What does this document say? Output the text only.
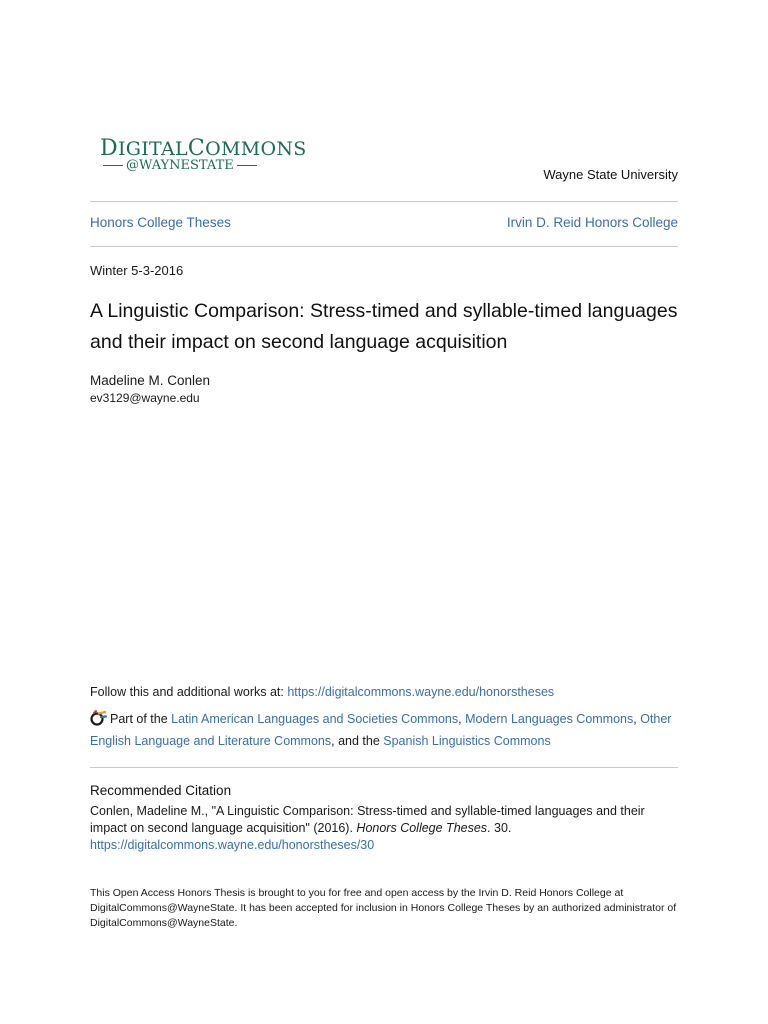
DIGITALCOMMONS
@WAYNESTATE
Wayne State University
Honors College Theses	Irvin D. Reid Honors College
Winter 5-3-2016
A Linguistic Comparison: Stress-timed and syllable-timed languages and their impact on second language acquisition
Madeline M. Conlen
ev3129@wayne.edu
Follow this and additional works at: https://digitalcommons.wayne.edu/honorstheses
Part of the Latin American Languages and Societies Commons, Modern Languages Commons, Other English Language and Literature Commons, and the Spanish Linguistics Commons
Recommended Citation
Conlen, Madeline M., "A Linguistic Comparison: Stress-timed and syllable-timed languages and their impact on second language acquisition" (2016). Honors College Theses. 30.
https://digitalcommons.wayne.edu/honorstheses/30
This Open Access Honors Thesis is brought to you for free and open access by the Irvin D. Reid Honors College at DigitalCommons@WayneState. It has been accepted for inclusion in Honors College Theses by an authorized administrator of DigitalCommons@WayneState.
